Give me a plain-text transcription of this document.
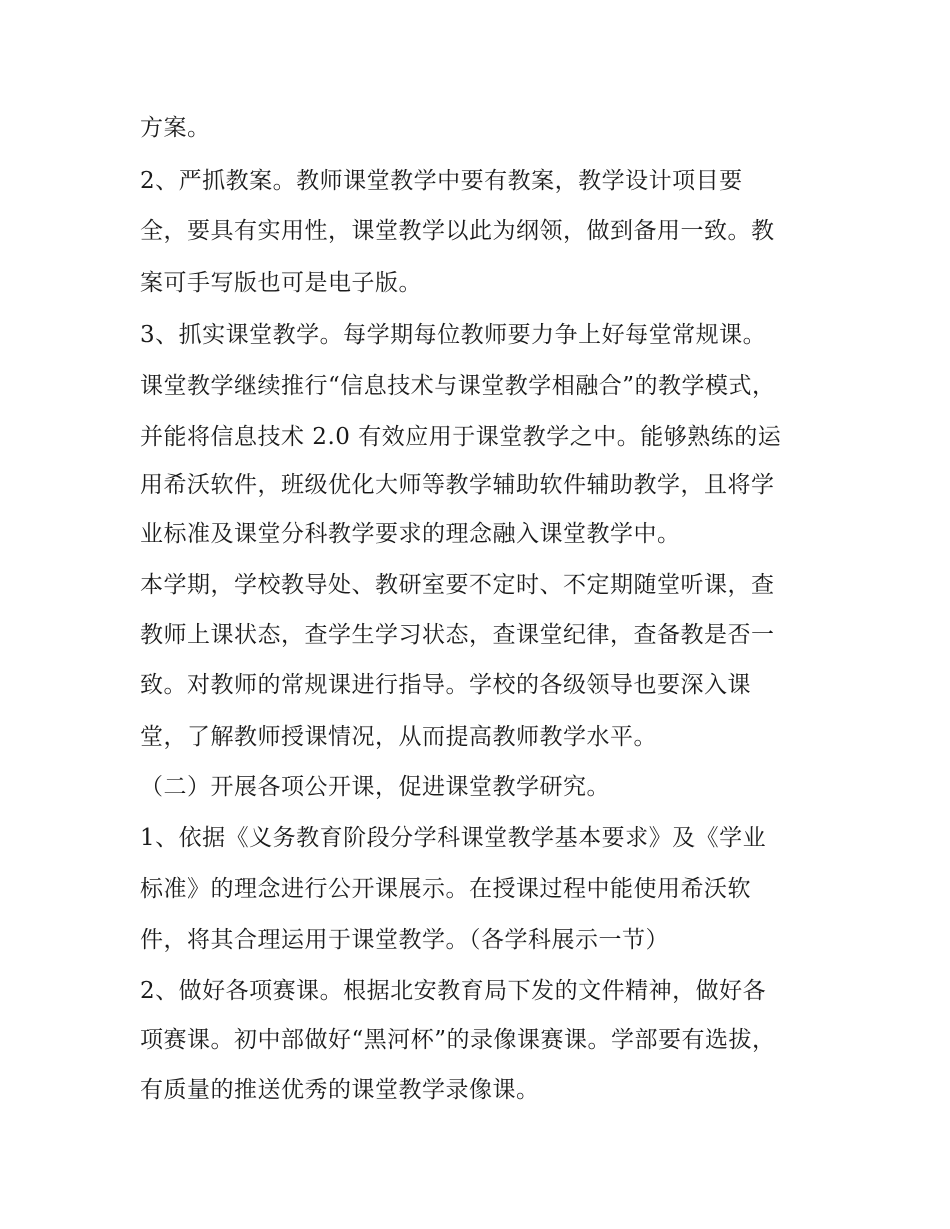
方案。
2、严抓教案。教师课堂教学中要有教案，教学设计项目要
全，要具有实用性，课堂教学以此为纲领，做到备用一致。教
案可手写版也可是电子版。
3、抓实课堂教学。每学期每位教师要力争上好每堂常规课。
课堂教学继续推行“信息技术与课堂教学相融合”的教学模式，
并能将信息技术 2.0 有效应用于课堂教学之中。能够熟练的运
用希沃软件，班级优化大师等教学辅助软件辅助教学，且将学
业标准及课堂分科教学要求的理念融入课堂教学中。
本学期，学校教导处、教研室要不定时、不定期随堂听课，查
教师上课状态，查学生学习状态，查课堂纪律，查备教是否一
致。对教师的常规课进行指导。学校的各级领导也要深入课
堂，了解教师授课情况，从而提高教师教学水平。
（二）开展各项公开课，促进课堂教学研究。
1、依据《义务教育阶段分学科课堂教学基本要求》及《学业
标准》的理念进行公开课展示。在授课过程中能使用希沃软
件，将其合理运用于课堂教学。（各学科展示一节）
2、做好各项赛课。根据北安教育局下发的文件精神，做好各
项赛课。初中部做好“黑河杯”的录像课赛课。学部要有选拔，
有质量的推送优秀的课堂教学录像课。
